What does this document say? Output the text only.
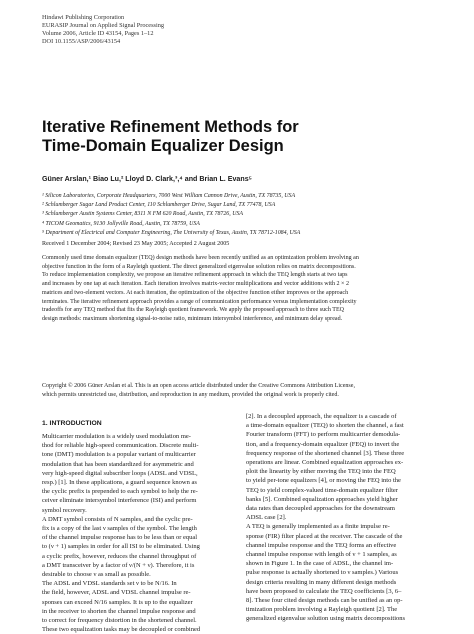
Hindawi Publishing Corporation
EURASIP Journal on Applied Signal Processing
Volume 2006, Article ID 43154, Pages 1–12
DOI 10.1155/ASP/2006/43154
Iterative Refinement Methods for
Time-Domain Equalizer Design
Güner Arslan,¹ Biao Lu,² Lloyd D. Clark,³,⁴ and Brian L. Evans⁵
¹ Silicon Laboratories, Corporate Headquarters, 7000 West William Cannon Drive, Austin, TX 78735, USA
² Schlumberger Sugar Land Product Center, 110 Schlumberger Drive, Sugar Land, TX 77478, USA
³ Schlumberger Austin Systems Center, 8311 N FM 620 Road, Austin, TX 78726, USA
⁴ TICOM Geomatics, 9130 Jollyville Road, Austin, TX 78759, USA
⁵ Department of Electrical and Computer Engineering, The University of Texas, Austin, TX 78712-1084, USA
Received 1 December 2004; Revised 23 May 2005; Accepted 2 August 2005
Commonly used time domain equalizer (TEQ) design methods have been recently unified as an optimization problem involving an
objective function in the form of a Rayleigh quotient. The direct generalized eigenvalue solution relies on matrix decompositions.
To reduce implementation complexity, we propose an iterative refinement approach in which the TEQ length starts at two taps
and increases by one tap at each iteration. Each iteration involves matrix-vector multiplications and vector additions with 2 × 2
matrices and two-element vectors. At each iteration, the optimization of the objective function either improves or the approach
terminates. The iterative refinement approach provides a range of communication performance versus implementation complexity
tradeoffs for any TEQ method that fits the Rayleigh quotient framework. We apply the proposed approach to three such TEQ
design methods: maximum shortening signal-to-noise ratio, minimum intersymbol interference, and minimum delay spread.
Copyright © 2006 Güner Arslan et al. This is an open access article distributed under the Creative Commons Attribution License,
which permits unrestricted use, distribution, and reproduction in any medium, provided the original work is properly cited.
1. INTRODUCTION
Multicarrier modulation is a widely used modulation me-
thod for reliable high-speed communication. Discrete multi-
tone (DMT) modulation is a popular variant of multicarrier
modulation that has been standardized for asymmetric and
very high-speed digital subscriber loops (ADSL and VDSL,
resp.) [1]. In these applications, a guard sequence known as
the cyclic prefix is prepended to each symbol to help the re-
ceiver eliminate intersymbol interference (ISI) and perform
symbol recovery.
A DMT symbol consists of N samples, and the cyclic pre-
fix is a copy of the last ν samples of the symbol. The length
of the channel impulse response has to be less than or equal
to (ν + 1) samples in order for all ISI to be eliminated. Using
a cyclic prefix, however, reduces the channel throughput of
a DMT transceiver by a factor of ν/(N + ν). Therefore, it is
desirable to choose ν as small as possible.
The ADSL and VDSL standards set ν to be N/16. In
the field, however, ADSL and VDSL channel impulse re-
sponses can exceed N/16 samples. It is up to the equalizer
in the receiver to shorten the channel impulse response and
to correct for frequency distortion in the shortened channel.
These two equalization tasks may be decoupled or combined
[2]. In a decoupled approach, the equalizer is a cascade of
a time-domain equalizer (TEQ) to shorten the channel, a fast
Fourier transform (FFT) to perform multicarrier demodula-
tion, and a frequency-domain equalizer (FEQ) to invert the
frequency response of the shortened channel [3]. These three
operations are linear. Combined equalization approaches ex-
ploit the linearity by either moving the TEQ into the FEQ
to yield per-tone equalizers [4], or moving the FEQ into the
TEQ to yield complex-valued time-domain equalizer filter
banks [5]. Combined equalization approaches yield higher
data rates than decoupled approaches for the downstream
ADSL case [2].
A TEQ is generally implemented as a finite impulse re-
sponse (FIR) filter placed at the receiver. The cascade of the
channel impulse response and the TEQ forms an effective
channel impulse response with length of ν + 1 samples, as
shown in Figure 1. In the case of ADSL, the channel im-
pulse response is actually shortened to ν samples.) Various
design criteria resulting in many different design methods
have been proposed to calculate the TEQ coefficients [3, 6–
8]. These four cited design methods can be unified as an op-
timization problem involving a Rayleigh quotient [2]. The
generalized eigenvalue solution using matrix decompositions
